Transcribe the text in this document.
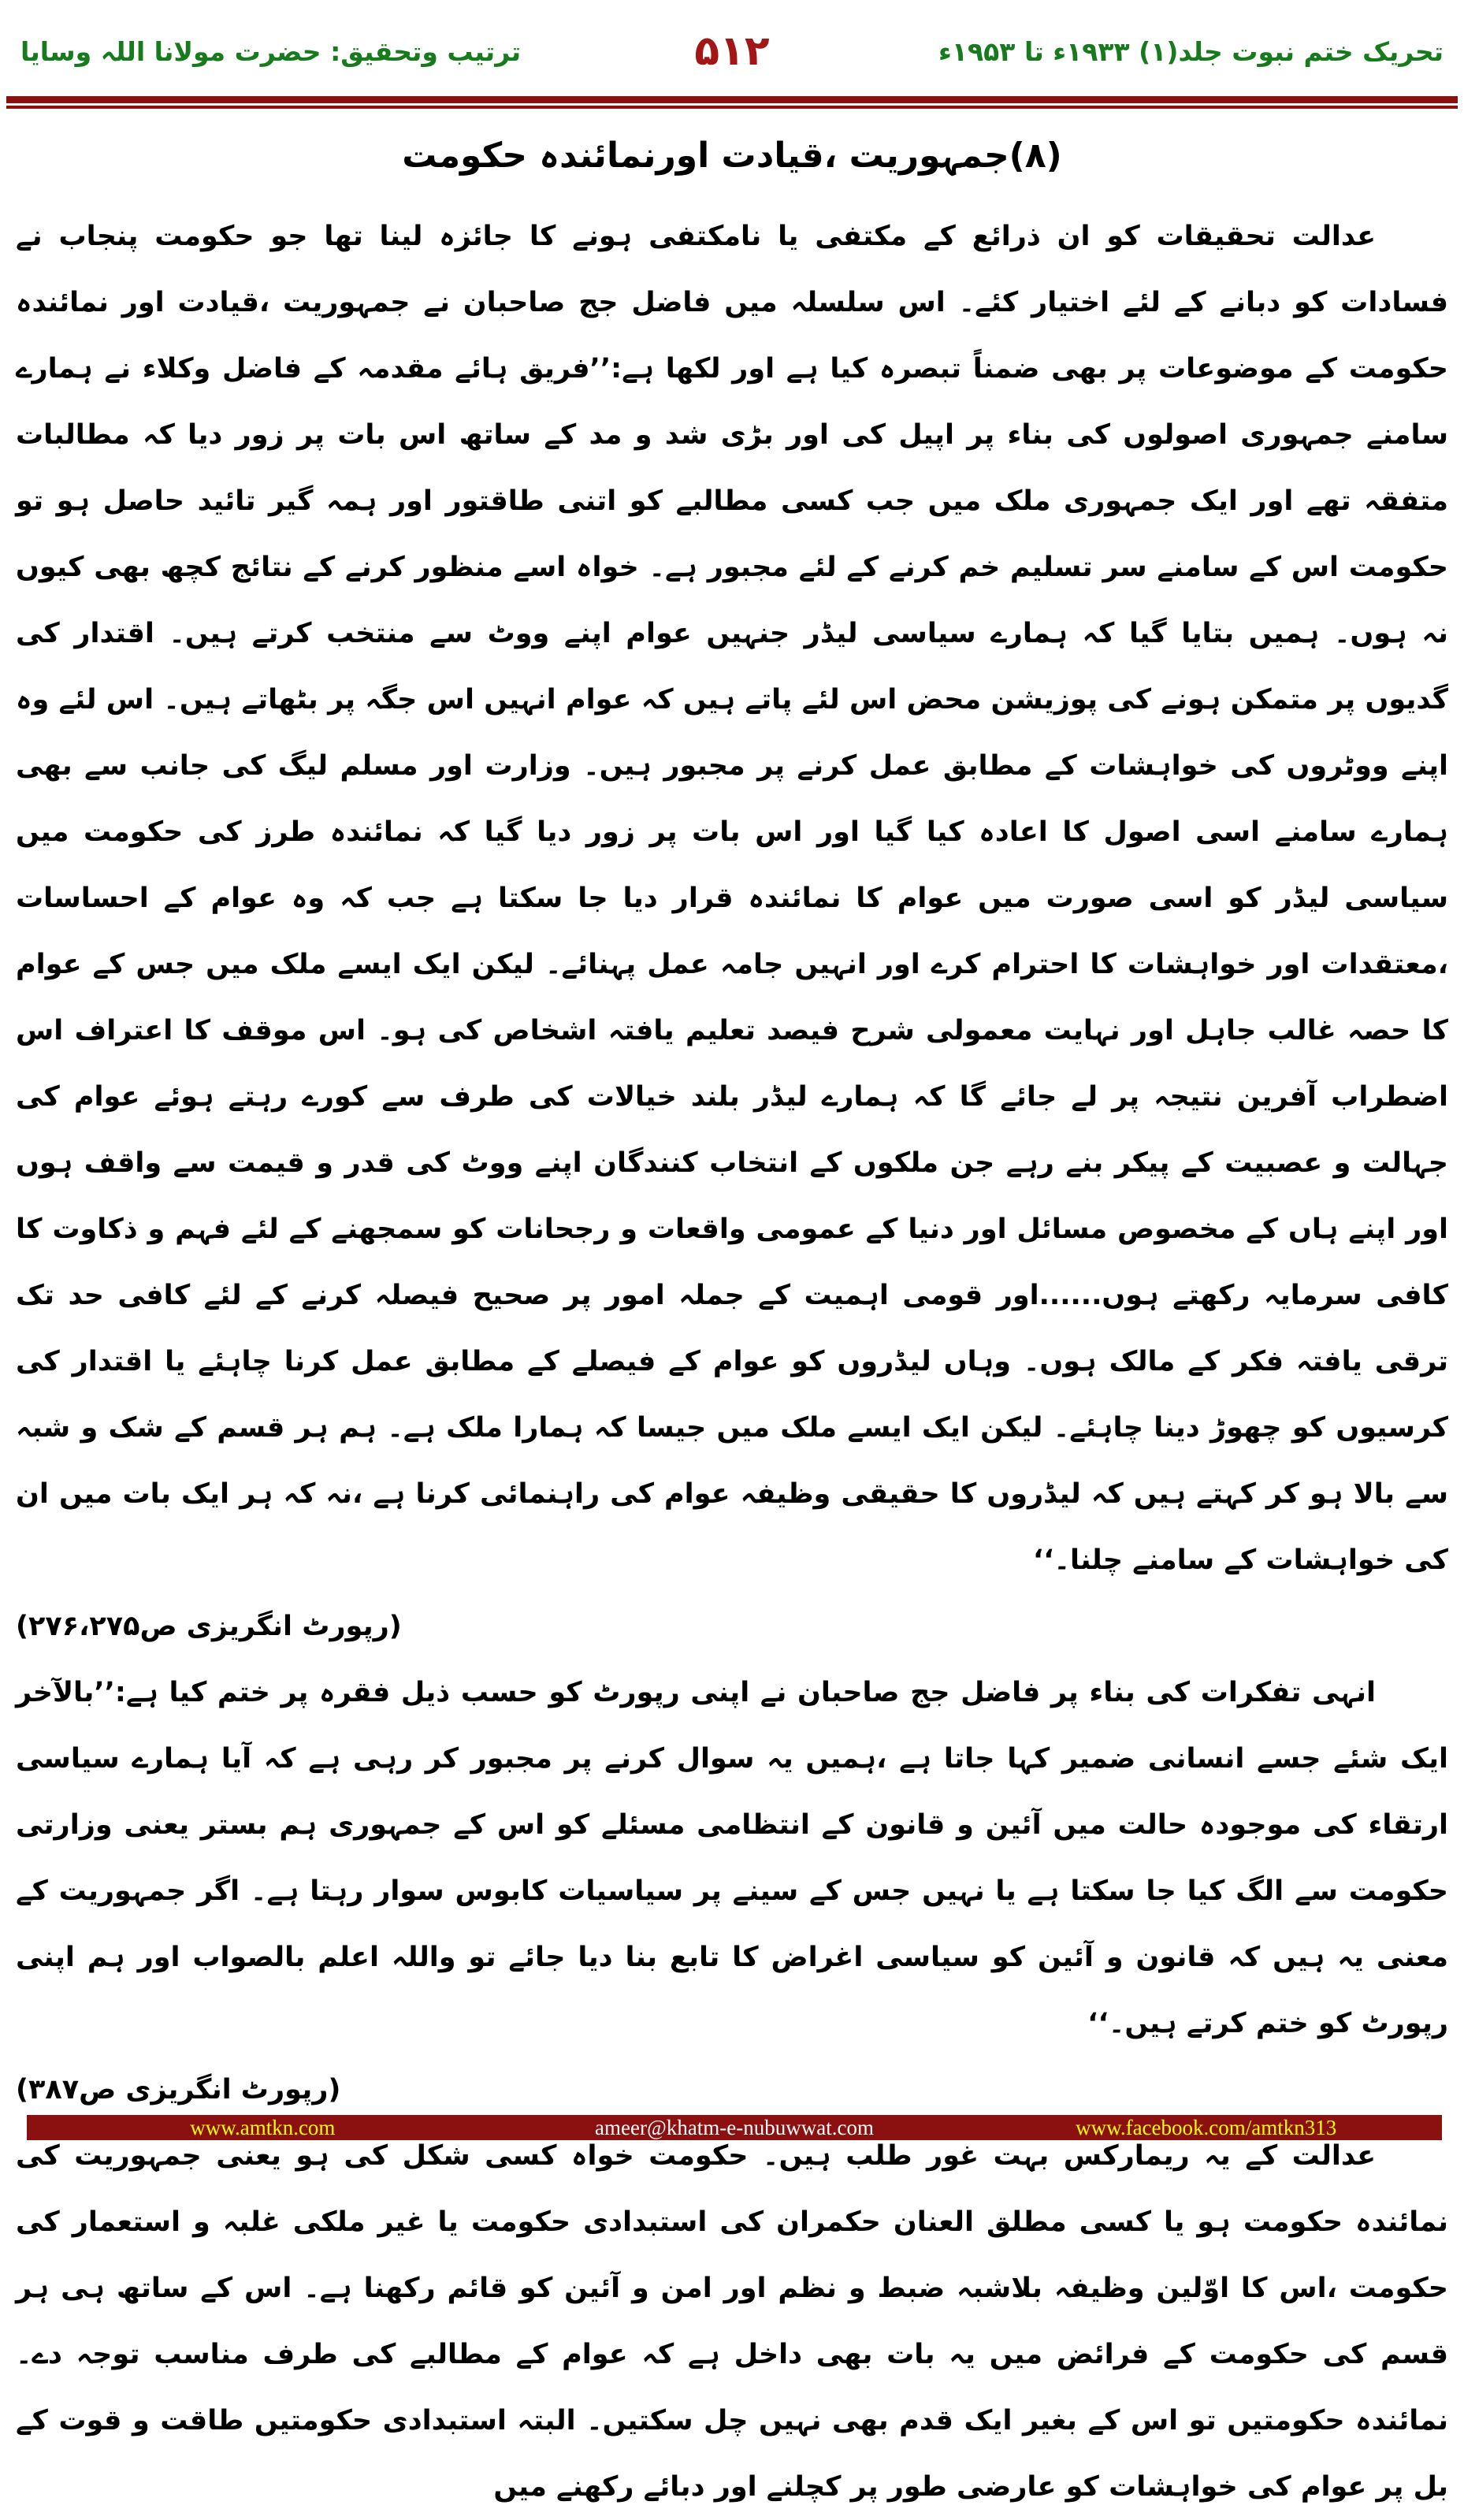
ترتیب وتحقیق: حضرت مولانا اللہ وسایا	۵۱۲	تحریک ختم نبوت جلد(۱) ۱۹۳۳ء تا ۱۹۵۳ء
(۸)جمہوریت ،قیادت اورنمائندہ حکومت

عدالت تحقیقات کو ان ذرائع کے مکتفی یا نامکتفی ہونے کا جائزہ لینا تھا جو حکومت پنجاب نے فسادات کو دبانے کے لئے اختیار کئے۔ اس سلسلہ میں فاضل جج صاحبان نے جمہوریت ،قیادت اور نمائندہ حکومت کے موضوعات پر بھی ضمناً تبصرہ کیا ہے اور لکھا ہے:’’فریق ہائے مقدمہ کے فاضل وکلاء نے ہمارے سامنے جمہوری اصولوں کی بناء پر اپیل کی اور بڑی شد و مد کے ساتھ اس بات پر زور دیا کہ مطالبات متفقہ تھے اور ایک جمہوری ملک میں جب کسی مطالبے کو اتنی طاقتور اور ہمہ گیر تائید حاصل ہو تو حکومت اس کے سامنے سر تسلیم خم کرنے کے لئے مجبور ہے۔ خواہ اسے منظور کرنے کے نتائج کچھ بھی کیوں نہ ہوں۔ ہمیں بتایا گیا کہ ہمارے سیاسی لیڈر جنہیں عوام اپنے ووٹ سے منتخب کرتے ہیں۔ اقتدار کی گدیوں پر متمکن ہونے کی پوزیشن محض اس لئے پاتے ہیں کہ عوام انہیں اس جگہ پر بٹھاتے ہیں۔ اس لئے وہ اپنے ووٹروں کی خواہشات کے مطابق عمل کرنے پر مجبور ہیں۔ وزارت اور مسلم لیگ کی جانب سے بھی ہمارے سامنے اسی اصول کا اعادہ کیا گیا اور اس بات پر زور دیا گیا کہ نمائندہ طرز کی حکومت میں سیاسی لیڈر کو اسی صورت میں عوام کا نمائندہ قرار دیا جا سکتا ہے جب کہ وہ عوام کے احساسات ،معتقدات اور خواہشات کا احترام کرے اور انہیں جامہ عمل پہنائے۔ لیکن ایک ایسے ملک میں جس کے عوام کا حصہ غالب جاہل اور نہایت معمولی شرح فیصد تعلیم یافتہ اشخاص کی ہو۔ اس موقف کا اعتراف اس اضطراب آفرین نتیجہ پر لے جائے گا کہ ہمارے لیڈر بلند خیالات کی طرف سے کورے رہتے ہوئے عوام کی جہالت و عصبیت کے پیکر بنے رہے جن ملکوں کے انتخاب کنندگان اپنے ووٹ کی قدر و قیمت سے واقف ہوں اور اپنے ہاں کے مخصوص مسائل اور دنیا کے عمومی واقعات و رجحانات کو سمجھنے کے لئے فہم و ذکاوت کا کافی سرمایہ رکھتے ہوں......اور قومی اہمیت کے جملہ امور پر صحیح فیصلہ کرنے کے لئے کافی حد تک ترقی یافتہ فکر کے مالک ہوں۔ وہاں لیڈروں کو عوام کے فیصلے کے مطابق عمل کرنا چاہئے یا اقتدار کی کرسیوں کو چھوڑ دینا چاہئے۔ لیکن ایک ایسے ملک میں جیسا کہ ہمارا ملک ہے۔ ہم ہر قسم کے شک و شبہ سے بالا ہو کر کہتے ہیں کہ لیڈروں کا حقیقی وظیفہ عوام کی راہنمائی کرنا ہے ،نہ کہ ہر ایک بات میں ان کی خواہشات کے سامنے چلنا۔‘‘

(رپورٹ انگریزی ص‭۲۷۶،۲۷۵‬)

انہی تفکرات کی بناء پر فاضل جج صاحبان نے اپنی رپورٹ کو حسب ذیل فقرہ پر ختم کیا ہے:’’بالآخر ایک شئے جسے انسانی ضمیر کہا جاتا ہے ،ہمیں یہ سوال کرنے پر مجبور کر رہی ہے کہ آیا ہمارے سیاسی ارتقاء کی موجودہ حالت میں آئین و قانون کے انتظامی مسئلے کو اس کے جمہوری ہم بستر یعنی وزارتی حکومت سے الگ کیا جا سکتا ہے یا نہیں جس کے سینے پر سیاسیات کابوس سوار رہتا ہے۔ اگر جمہوریت کے معنی یہ ہیں کہ قانون و آئین کو سیاسی اغراض کا تابع بنا دیا جائے تو واللہ اعلم بالصواب اور ہم اپنی رپورٹ کو ختم کرتے ہیں۔‘‘

(رپورٹ انگریزی ص۳۸۷)

عدالت کے یہ ریمارکس بہت غور طلب ہیں۔ حکومت خواہ کسی شکل کی ہو یعنی جمہوریت کی نمائندہ حکومت ہو یا کسی مطلق العنان حکمران کی استبدادی حکومت یا غیر ملکی غلبہ و استعمار کی حکومت ،اس کا اوّلین وظیفہ بلاشبہ ضبط و نظم اور امن و آئین کو قائم رکھنا ہے۔ اس کے ساتھ ہی ہر قسم کی حکومت کے فرائض میں یہ بات بھی داخل ہے کہ عوام کے مطالبے کی طرف مناسب توجہ دے۔ نمائندہ حکومتیں تو اس کے بغیر ایک قدم بھی نہیں چل سکتیں۔ البتہ استبدادی حکومتیں طاقت و قوت کے بل پر عوام کی خواہشات کو عارضی طور پر کچلنے اور دبائے رکھنے میں

www.amtkn.com	ameer@khatm-e-nubuwwat.com	www.facebook.com/amtkn313
